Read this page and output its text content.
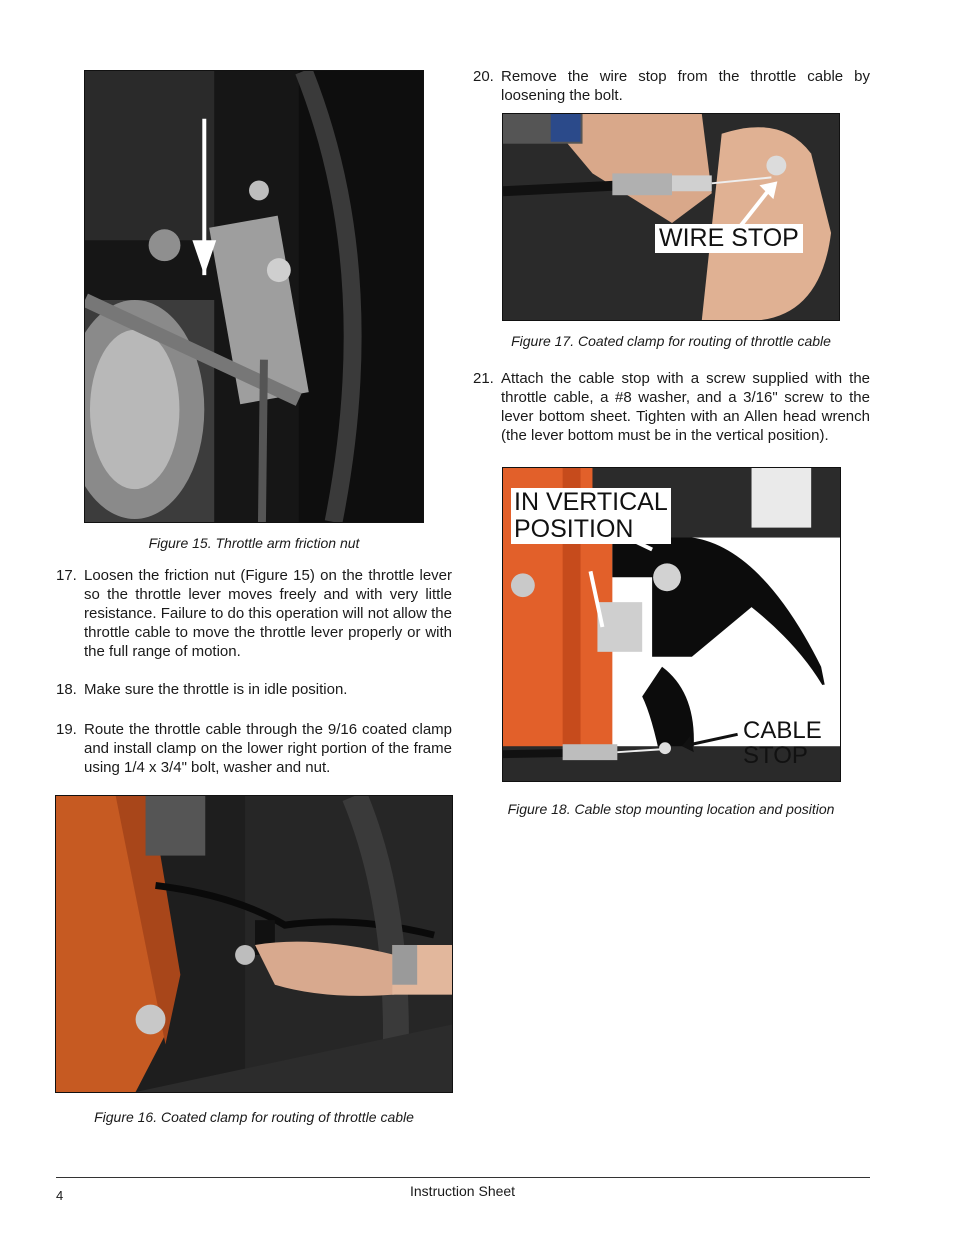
Figure 15. Throttle arm friction nut
17. Loosen the friction nut (Figure 15) on the throttle lever so the throttle lever moves freely and with very little resistance. Failure to do this operation will not allow the throttle cable to move the throttle lever properly or with the full range of motion.
18. Make sure the throttle is in idle position.
19. Route the throttle cable through the 9/16 coated clamp and install clamp on the lower right portion of the frame using 1/4 x 3/4" bolt, washer and nut.
Figure 16. Coated clamp for routing of throttle cable
20. Remove the wire stop from the throttle cable by loosening the bolt.
WIRE STOP
Figure 17. Coated clamp for routing of throttle cable
21. Attach the cable stop with a screw supplied with the throttle cable, a #8 washer, and a 3/16" screw to the lever bottom sheet. Tighten with an Allen head wrench (the lever bottom must be in the vertical position).
IN VERTICAL
POSITION
CABLE
STOP
Figure 18. Cable stop mounting location and position
4	Instruction Sheet
